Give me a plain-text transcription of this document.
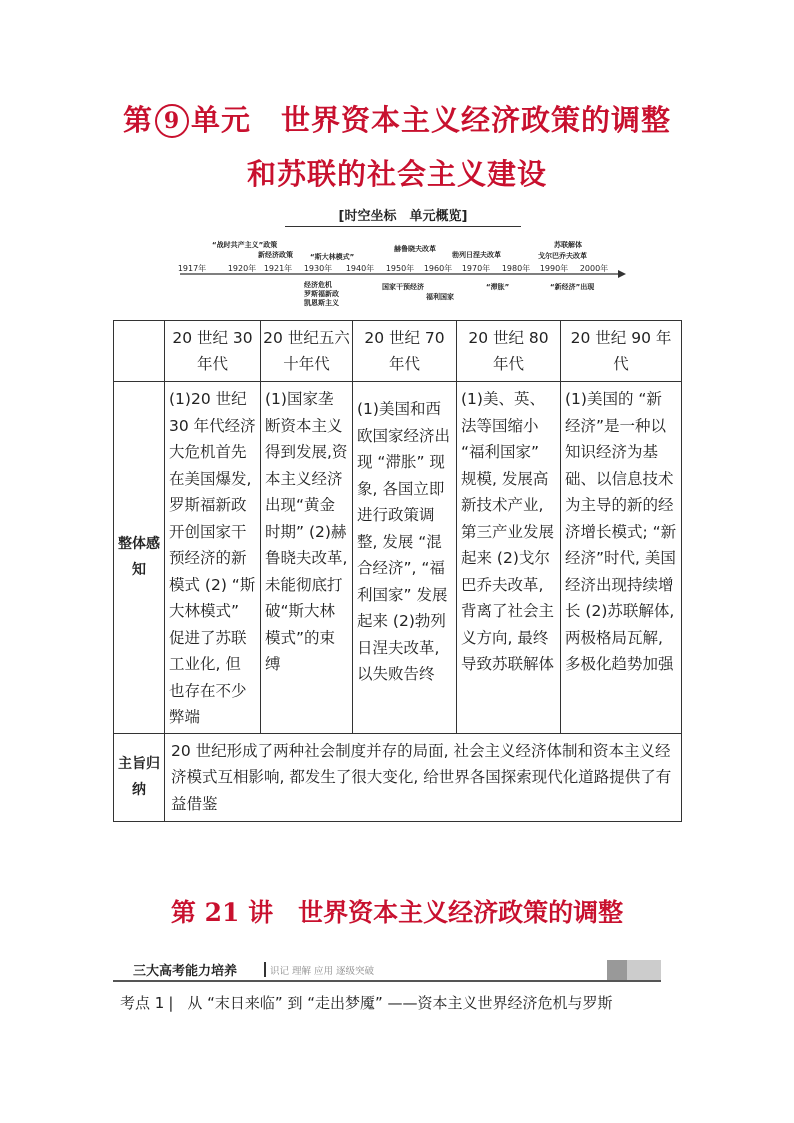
第 9 单元　 世界资本主义经济政策的调整
和苏联的社会主义建设
[时空坐标　单元概览]
1917年	1920年 1921年 1930年 1940年 1950年 1960年 1970年 1980年 1990年 2000年
“战时共产主义”政策
新经济政策 “斯大林模式”
赫鲁晓夫改革
勃列日涅夫改革
苏联解体
戈尔巴乔夫改革
经济危机
罗斯福新政
凯恩斯主义
国家干预经济
福利国家
“滞胀”	“新经济”出现
	20 世纪 30 年代	20 世纪五六十年代	20 世纪 70 年代	20 世纪 80 年代	20 世纪 90 年代
整体感知	(1)20 世纪 30 年代经济大危机首先在美国爆发, 罗斯福新政开创国家干预经济的新模式 (2) “斯大林模式” 促进了苏联工业化, 但也存在不少弊端	(1)国家垄断资本主义得到发展,资本主义经济出现“黄金时期” (2)赫鲁晓夫改革,未能彻底打破“斯大林模式”的束缚	(1)美国和西欧国家经济出现 “滞胀” 现象, 各国立即进行政策调整, 发展 “混合经济”, “福利国家” 发展起来 (2)勃列日涅夫改革, 以失败告终	(1)美、英、法等国缩小 “福利国家” 规模, 发展高新技术产业, 第三产业发展起来 (2)戈尔巴乔夫改革, 背离了社会主义方向, 最终导致苏联解体	(1)美国的 “新经济”是一种以知识经济为基础、以信息技术为主导的新的经济增长模式; “新经济”时代, 美国经济出现持续增长 (2)苏联解体, 两极格局瓦解, 多极化趋势加强
主旨归纳	20 世纪形成了两种社会制度并存的局面, 社会主义经济体制和资本主义经济模式互相影响, 都发生了很大变化, 给世界各国探索现代化道路提供了有益借鉴				
第 21 讲　世界资本主义经济政策的调整
三大高考能力培养	识记 理解 应用 逐级突破
考点 1 | 从 “末日来临” 到 “走出梦魇” ——资本主义世界经济危机与罗斯
